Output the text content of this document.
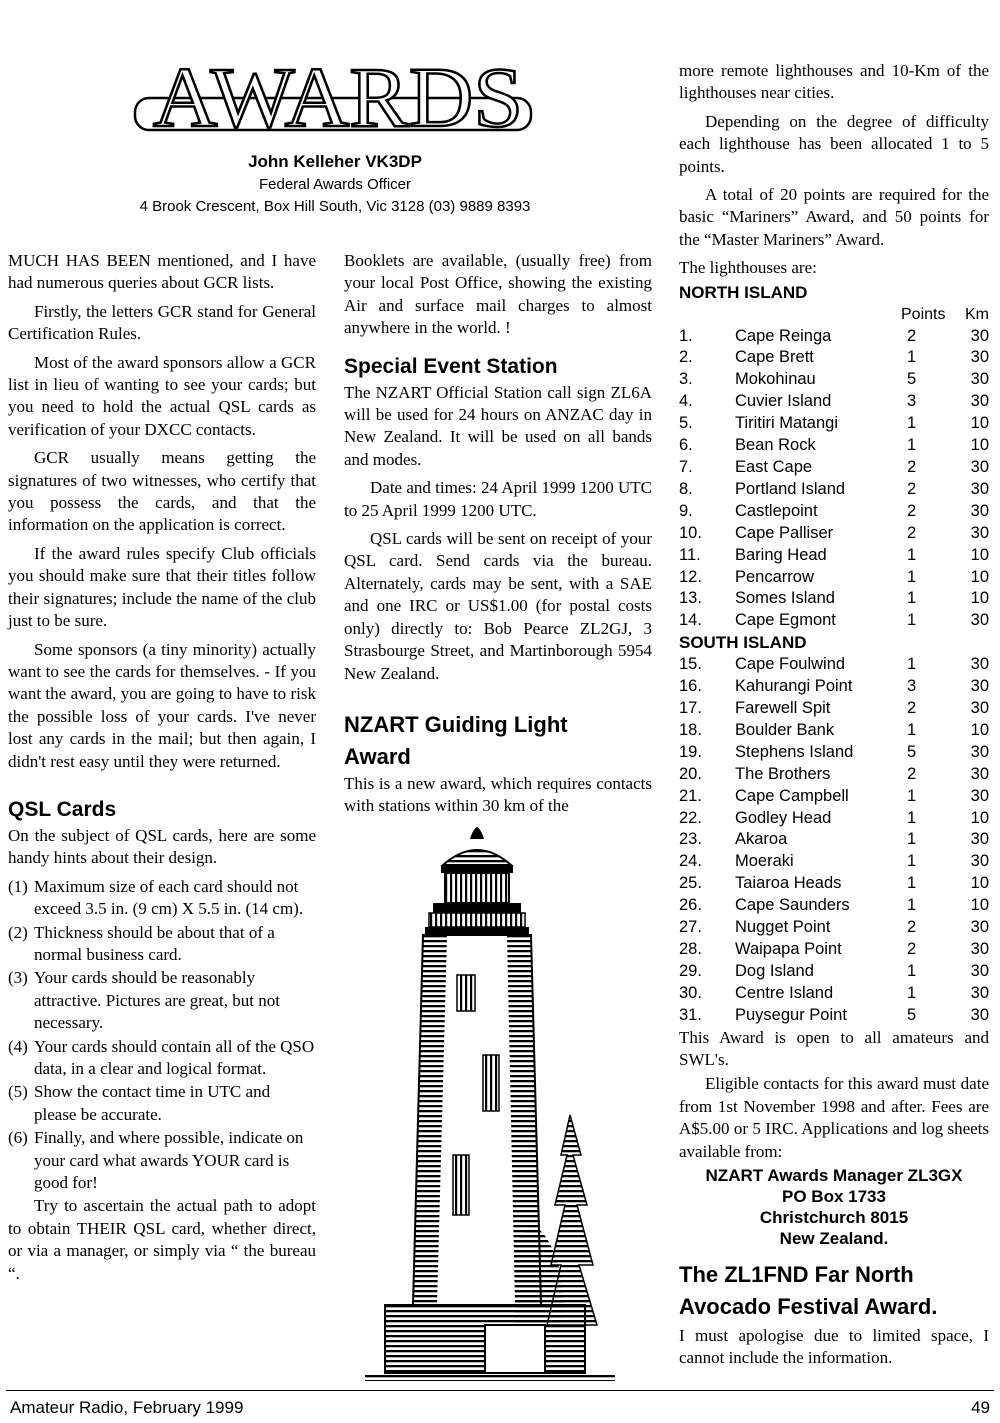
AWARDS
John Kelleher VK3DP
Federal Awards Officer
4 Brook Crescent, Box Hill South, Vic 3128 (03) 9889 8393

MUCH HAS BEEN mentioned, and I have had numerous queries about GCR lists.

Firstly, the letters GCR stand for General Certification Rules.

Most of the award sponsors allow a GCR list in lieu of wanting to see your cards; but you need to hold the actual QSL cards as verification of your DXCC contacts.

GCR usually means getting the signatures of two witnesses, who certify that you possess the cards, and that the information on the application is correct.

If the award rules specify Club officials you should make sure that their titles follow their signatures; include the name of the club just to be sure.

Some sponsors (a tiny minority) actually want to see the cards for themselves. - If you want the award, you are going to have to risk the possible loss of your cards. I've never lost any cards in the mail; but then again, I didn't rest easy until they were returned.

QSL Cards

On the subject of QSL cards, here are some handy hints about their design.

(1) Maximum size of each card should not exceed 3.5 in. (9 cm) X 5.5 in. (14 cm).
(2) Thickness should be about that of a normal business card.
(3) Your cards should be reasonably attractive. Pictures are great, but not necessary.
(4) Your cards should contain all of the QSO data, in a clear and logical format.
(5) Show the contact time in UTC and please be accurate.
(6) Finally, and where possible, indicate on your card what awards YOUR card is good for!

Try to ascertain the actual path to adopt to obtain THEIR QSL card, whether direct, or via a manager, or simply via “ the bureau “.

Booklets are available, (usually free) from your local Post Office, showing the existing Air and surface mail charges to almost anywhere in the world. !

Special Event Station

The NZART Official Station call sign ZL6A will be used for 24 hours on ANZAC day in New Zealand. It will be used on all bands and modes.

Date and times: 24 April 1999 1200 UTC to 25 April 1999 1200 UTC.

QSL cards will be sent on receipt of your QSL card. Send cards via the bureau. Alternately, cards may be sent, with a SAE and one IRC or US$1.00 (for postal costs only) directly to: Bob Pearce ZL2GJ, 3 Strasbourge Street, and Martinborough 5954 New Zealand.

NZART Guiding Light
Award

This is a new award, which requires contacts with stations within 30 km of the

more remote lighthouses and 10-Km of the lighthouses near cities.

Depending on the degree of difficulty each lighthouse has been allocated 1 to 5 points.

A total of 20 points are required for the basic “Mariners” Award, and 50 points for the “Master Mariners” Award.

The lighthouses are:

NORTH ISLAND
		Points	Km
1.	Cape Reinga	2	30
2.	Cape Brett	1	30
3.	Mokohinau	5	30
4.	Cuvier Island	3	30
5.	Tiritiri Matangi	1	10
6.	Bean Rock	1	10
7.	East Cape	2	30
8.	Portland Island	2	30
9.	Castlepoint	2	30
10.	Cape Palliser	2	30
11.	Baring Head	1	10
12.	Pencarrow	1	10
13.	Somes Island	1	10
14.	Cape Egmont	1	30
SOUTH ISLAND			
15.	Cape Foulwind	1	30
16.	Kahurangi Point	3	30
17.	Farewell Spit	2	30
18.	Boulder Bank	1	10
19.	Stephens Island	5	30
20.	The Brothers	2	30
21.	Cape Campbell	1	30
22.	Godley Head	1	10
23.	Akaroa	1	30
24.	Moeraki	1	30
25.	Taiaroa Heads	1	10
26.	Cape Saunders	1	10
27.	Nugget Point	2	30
28.	Waipapa Point	2	30
29.	Dog Island	1	30
30.	Centre Island	1	30
31.	Puysegur Point	5	30

This Award is open to all amateurs and SWL's.

Eligible contacts for this award must date from 1st November 1998 and after. Fees are A$5.00 or 5 IRC. Applications and log sheets available from:

NZART Awards Manager ZL3GX
PO Box 1733
Christchurch 8015
New Zealand.
The ZL1FND Far North
Avocado Festival Award.

I must apologise due to limited space, I cannot include the information.

Amateur Radio, February 1999	49
